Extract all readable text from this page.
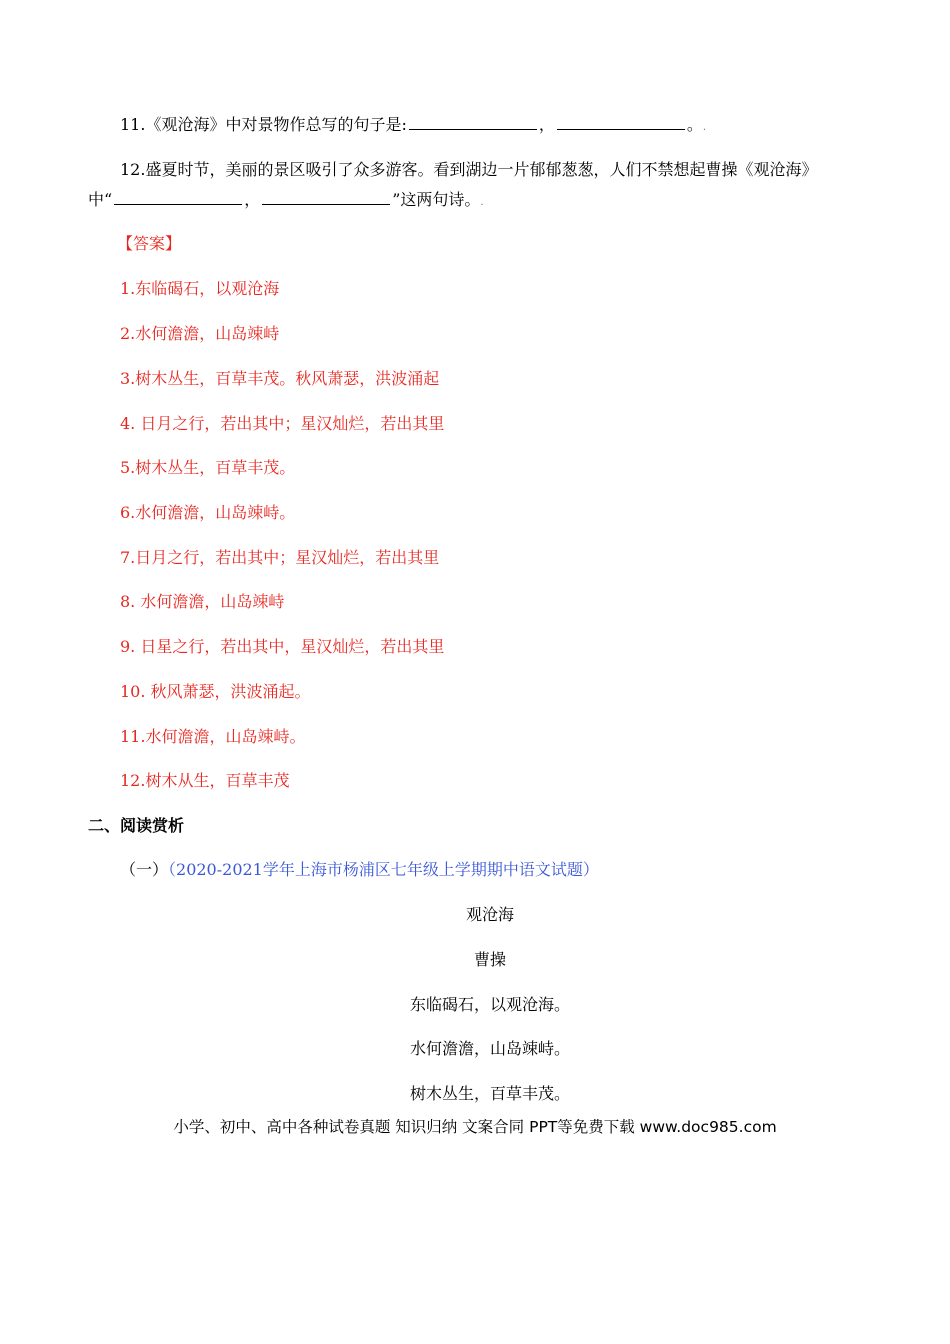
11.《观沧海》中对景物作总写的句子是:	，	。.
12.盛夏时节，美丽的景区吸引了众多游客。看到湖边一片郁郁葱葱，人们不禁想起曹操《观沧海》
中“	，	”这两句诗。.
【答案】
1.东临碣石，以观沧海
2.水何澹澹，山岛竦峙
3.树木丛生，百草丰茂。秋风萧瑟，洪波涌起
4. 日月之行，若出其中；星汉灿烂，若出其里
5.树木丛生，百草丰茂。
6.水何澹澹，山岛竦峙。
7.日月之行，若出其中；星汉灿烂，若出其里
8. 水何澹澹，山岛竦峙
9. 日星之行，若出其中，星汉灿烂，若出其里
10. 秋风萧瑟，洪波涌起。
11.水何澹澹，山岛竦峙。
12.树木从生，百草丰茂
二、阅读赏析
（一）（2020-2021学年上海市杨浦区七年级上学期期中语文试题）
观沧海
曹操
东临碣石，以观沧海。
水何澹澹，山岛竦峙。
树木丛生，百草丰茂。
小学、初中、高中各种试卷真题 知识归纳 文案合同 PPT等免费下载 www.doc985.com
